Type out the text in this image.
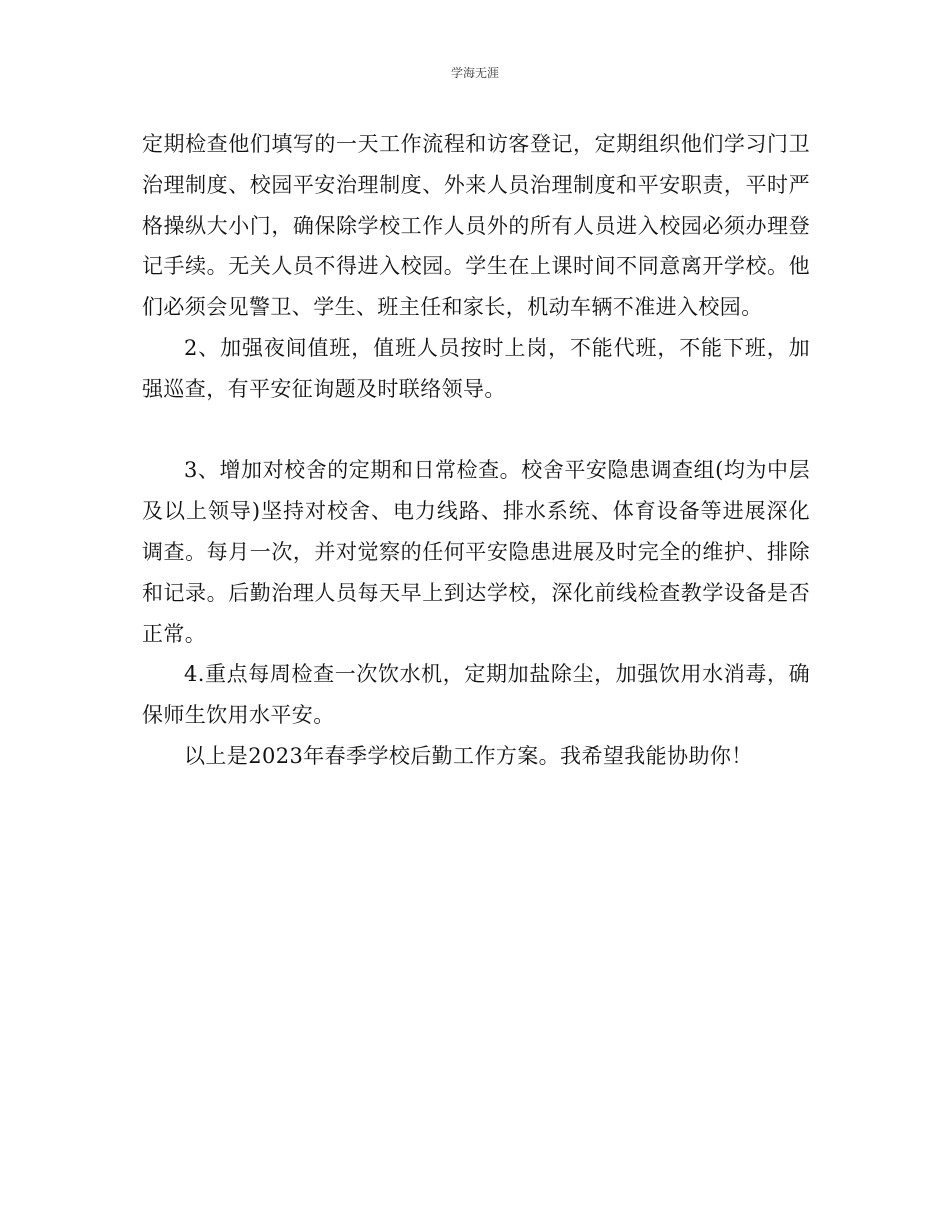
学海无涯

定期检查他们填写的一天工作流程和访客登记，定期组织他们学习门卫治理制度、校园平安治理制度、外来人员治理制度和平安职责，平时严格操纵大小门，确保除学校工作人员外的所有人员进入校园必须办理登记手续。无关人员不得进入校园。学生在上课时间不同意离开学校。他们必须会见警卫、学生、班主任和家长，机动车辆不准进入校园。

2、加强夜间值班，值班人员按时上岗，不能代班，不能下班，加强巡查，有平安征询题及时联络领导。

3、增加对校舍的定期和日常检查。校舍平安隐患调查组(均为中层及以上领导)坚持对校舍、电力线路、排水系统、体育设备等进展深化调查。每月一次，并对觉察的任何平安隐患进展及时完全的维护、排除和记录。后勤治理人员每天早上到达学校，深化前线检查教学设备是否正常。

4.重点每周检查一次饮水机，定期加盐除尘，加强饮用水消毒，确保师生饮用水平安。

以上是2023年春季学校后勤工作方案。我希望我能协助你！
